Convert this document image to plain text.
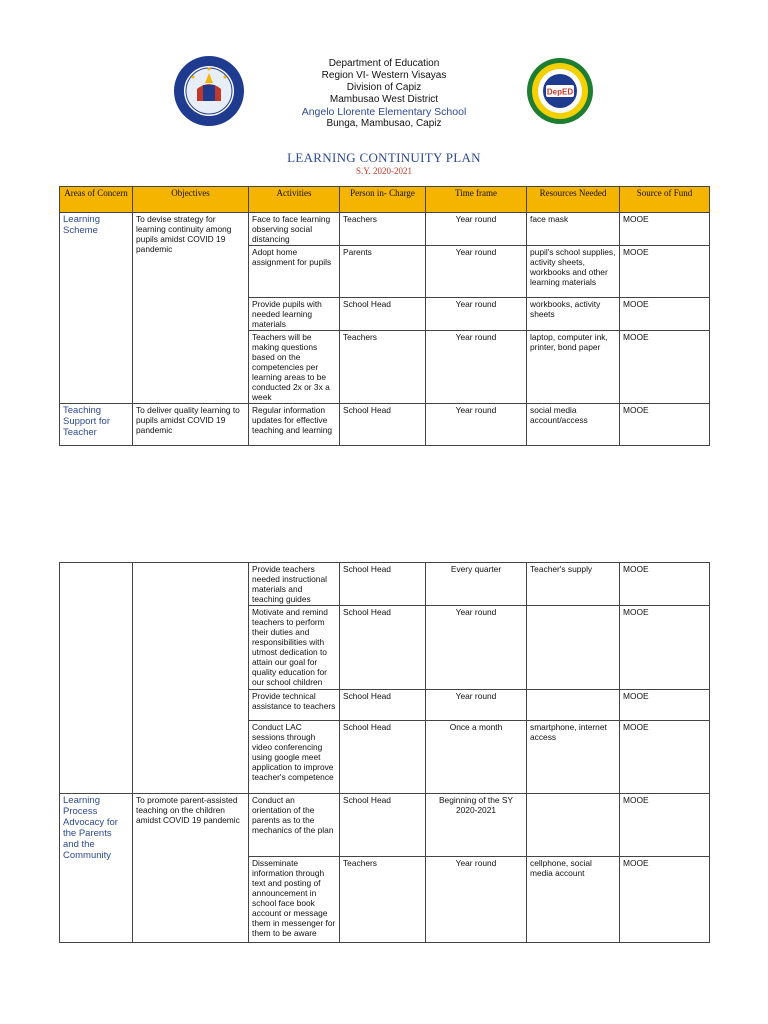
Department of Education
Region VI- Western Visayas
Division of Capiz
Mambusao West District
Angelo Llorente Elementary School
Bunga, Mambusao, Capiz
DepED
LEARNING CONTINUITY PLAN
S.Y. 2020-2021
Areas of Concern	Objectives	Activities	Person in- Charge	Time frame	Resources Needed	Source of Fund
Learning Scheme	To devise strategy for learning continuity among pupils amidst COVID 19 pandemic	Face to face learning observing social distancing	Teachers	Year round	face mask	MOOE
		Adopt home assignment for pupils	Parents	Year round	pupil's school supplies, activity sheets, workbooks and other learning materials	MOOE
		Provide pupils with needed learning materials	School Head	Year round	workbooks, activity sheets	MOOE
		Teachers will be making questions based on the competencies per learning areas to be conducted 2x or 3x a week	Teachers	Year round	laptop, computer ink, printer, bond paper	MOOE
Teaching Support for Teacher	To deliver quality learning to pupils amidst COVID 19 pandemic	Regular information updates for effective teaching and learning	School Head	Year round	social media account/access	MOOE
		Provide teachers needed instructional materials and teaching guides	School Head	Every quarter	Teacher's supply	MOOE
		Motivate and remind teachers to perform their duties and responsibilities with utmost dedication to attain our goal for quality education for our school children	School Head	Year round		MOOE
		Provide technical assistance to teachers	School Head	Year round		MOOE
		Conduct LAC sessions through video conferencing using google meet application to improve teacher's competence	School Head	Once a month	smartphone, internet access	MOOE
Learning Process Advocacy for the Parents and the Community	To promote parent-assisted teaching on the children amidst COVID 19 pandemic	Conduct an orientation of the parents as to the mechanics of the plan	School Head	Beginning of the SY 2020-2021		MOOE
		Disseminate information through text and posting of announcement in school face book account or message them in messenger for them to be aware	Teachers	Year round	cellphone, social media account	MOOE
